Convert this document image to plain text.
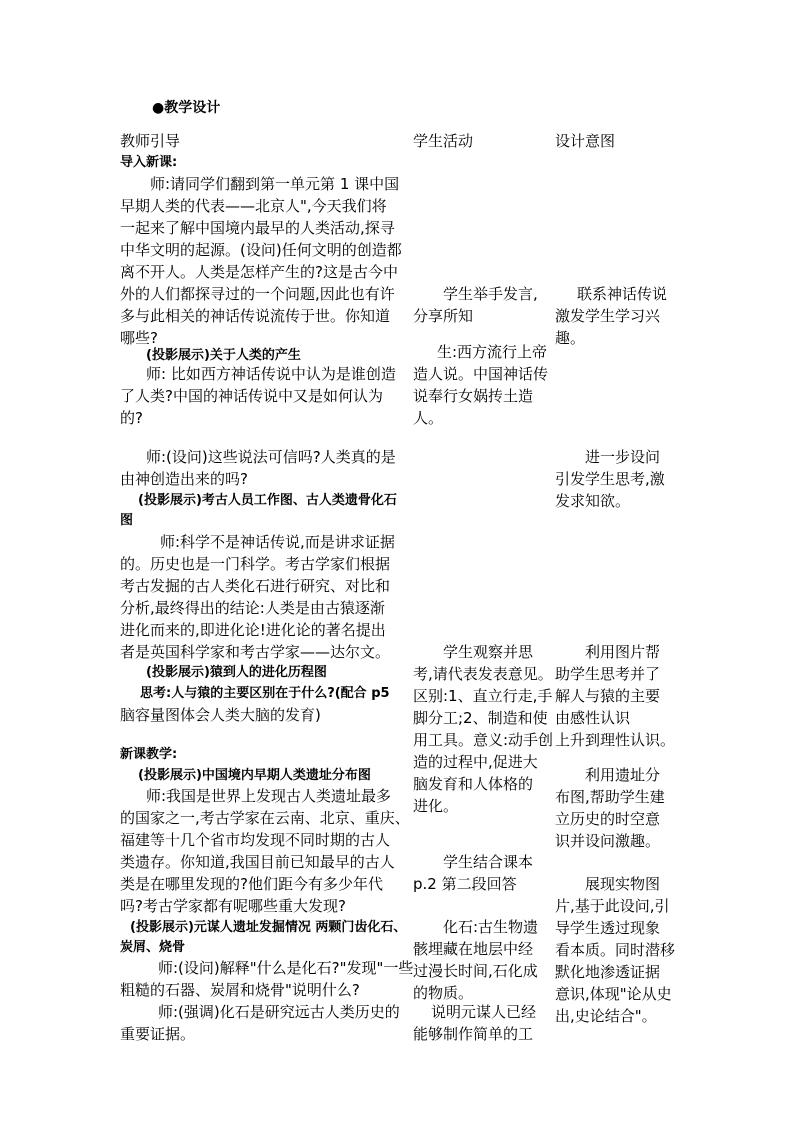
●教学设计
教师引导	学生活动	设计意图
导入新课:
师:请同学们翻到第一单元第 1 课中国
早期人类的代表——北京人",今天我们将
一起来了解中国境内最早的人类活动,探寻
中华文明的起源。(设问)任何文明的创造都
离不开人。人类是怎样产生的?这是古今中
外的人们都探寻过的一个问题,因此也有许
多与此相关的神话传说流传于世。你知道
哪些?
(投影展示)关于人类的产生
师: 比如西方神话传说中认为是谁创造
了人类?中国的神话传说中又是如何认为
的?
师:(设问)这些说法可信吗?人类真的是
由神创造出来的吗?
(投影展示)考古人员工作图、古人类遗骨化石
图
师:科学不是神话传说,而是讲求证据
的。历史也是一门科学。考古学家们根据
考古发掘的古人类化石进行研究、对比和
分析,最终得出的结论:人类是由古猿逐渐
进化而来的,即进化论!进化论的著名提出
者是英国科学家和考古学家——达尔文。
(投影展示)猿到人的进化历程图
思考:人与猿的主要区别在于什么?(配合 p5
脑容量图体会人类大脑的发育)
新课教学:
(投影展示)中国境内早期人类遗址分布图
师:我国是世界上发现古人类遗址最多
的国家之一,考古学家在云南、北京、重庆、
福建等十几个省市均发现不同时期的古人
类遗存。你知道,我国目前已知最早的古人
类是在哪里发现的?他们距今有多少年代
吗?考古学家都有呢哪些重大发现?
(投影展示)元谋人遗址发掘情况 两颗门齿化石、
炭屑、烧骨
师:(设问)解释"什么是化石?"发现"一些
粗糙的石器、炭屑和烧骨"说明什么?
师:(强调)化石是研究远古人类历史的
重要证据。
学生举手发言,
分享所知
生:西方流行上帝
造人说。中国神话传
说奉行女娲抟土造
人。
学生观察并思
考,请代表发表意见。
区别:1、直立行走,手
脚分工;2、制造和使
用工具。意义:动手创
造的过程中,促进大
脑发育和人体格的
进化。
学生结合课本
p.2 第二段回答
化石:古生物遗
骸埋藏在地层中经
过漫长时间,石化成
的物质。
说明元谋人已经
能够制作简单的工
联系神话传说
激发学生学习兴
趣。
进一步设问
引发学生思考,激
发求知欲。
利用图片帮
助学生思考并了
解人与猿的主要
由感性认识
上升到理性认识。
利用遗址分
布图,帮助学生建
立历史的时空意
识并设问激趣。
展现实物图
片,基于此设问,引
导学生透过现象
看本质。同时潜移
默化地渗透证据
意识,体现"论从史
出,史论结合"。
